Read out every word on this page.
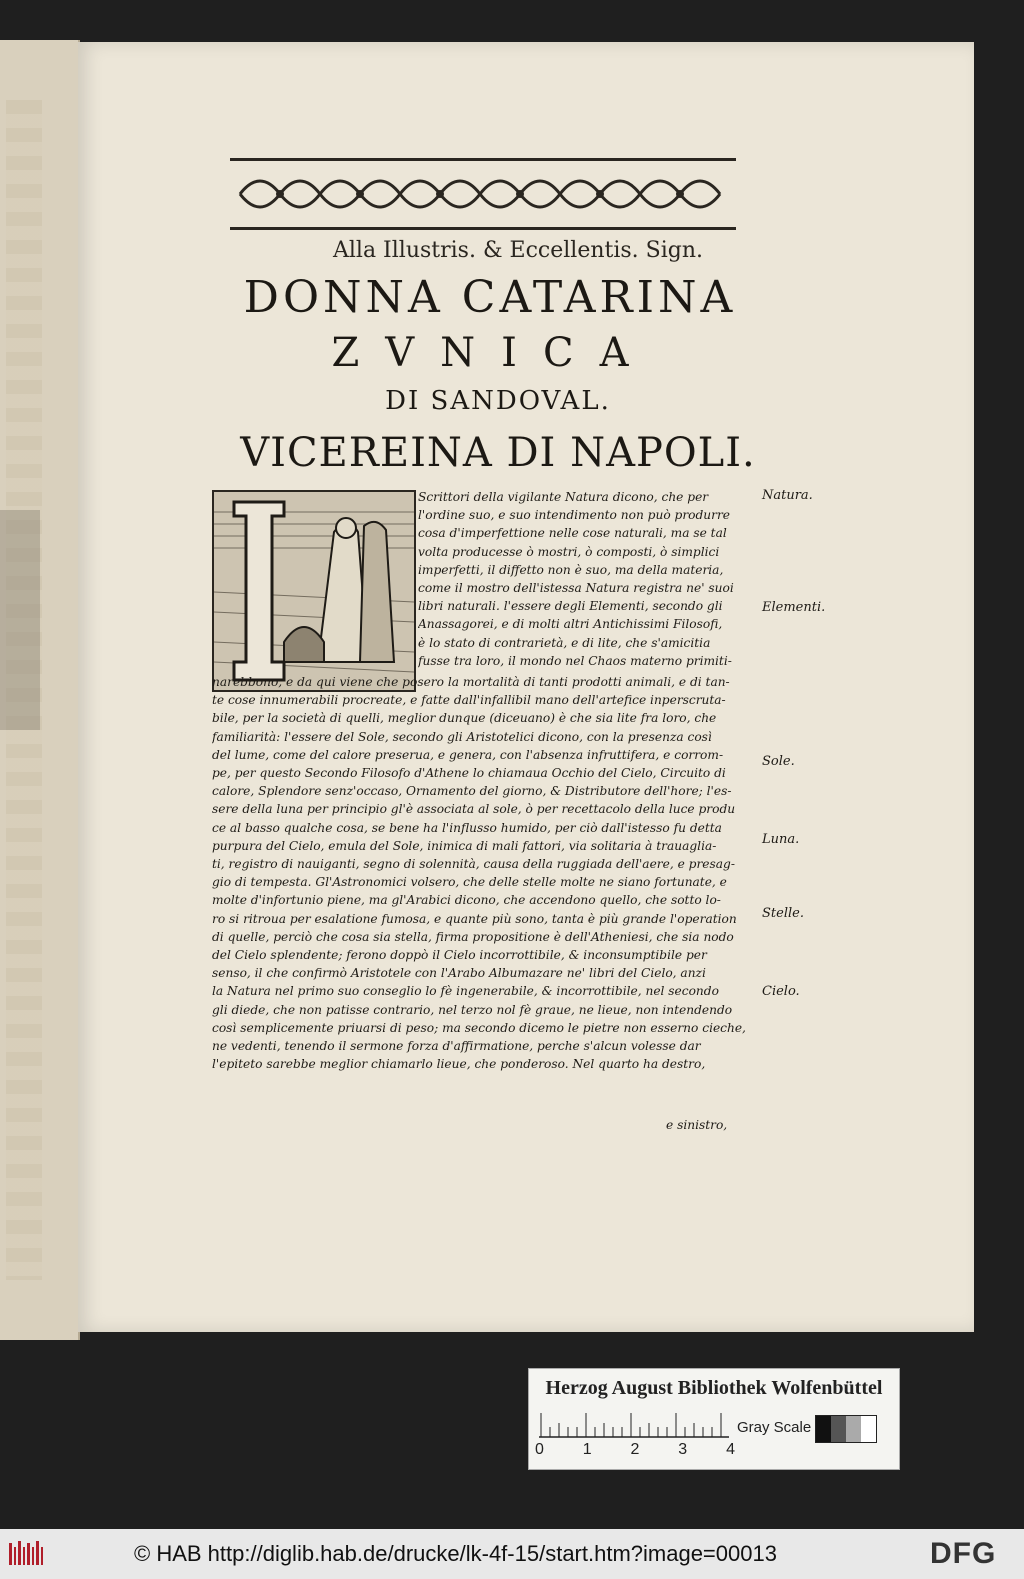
Alla Illustris. & Eccellentis. Sign.
DONNA CATARINA
ZVNICA
DI SANDOVAL.
VICEREINA DI NAPOLI.
Scrittori della vigilante Natura dicono, che per
l'ordine suo, e suo intendimento non può produrre
cosa d'imperfettione nelle cose naturali, ma se tal
volta producesse ò mostri, ò composti, ò simplici
imperfetti, il diffetto non è suo, ma della materia,
come il mostro dell'istessa Natura registra ne' suoi
libri naturali. l'essere degli Elementi, secondo gli
Anassagorei, e di molti altri Antichissimi Filosofi,
è lo stato di contrarietà, e di lite, che s'amicitia
fusse tra loro, il mondo nel Chaos materno primiti-
narebbono, e da qui viene che posero la mortalità di tanti prodotti animali, e di tan-
te cose innumerabili procreate, e fatte dall'infallibil mano dell'artefice inperscruta-
bile, per la società di quelli, meglior dunque (diceuano) è che sia lite fra loro, che
familiarità: l'essere del Sole, secondo gli Aristotelici dicono, con la presenza così
del lume, come del calore preserua, e genera, con l'absenza infruttifera, e corrom-
pe, per questo Secondo Filosofo d'Athene lo chiamaua Occhio del Cielo, Circuito di
calore, Splendore senz'occaso, Ornamento del giorno, & Distributore dell'hore; l'es-
sere della luna per principio gl'è associata al sole, ò per recettacolo della luce produ
ce al basso qualche cosa, se bene ha l'influsso humido, per ciò dall'istesso fu detta
purpura del Cielo, emula del Sole, inimica di mali fattori, via solitaria à trauaglia-
ti, registro di nauiganti, segno di solennità, causa della ruggiada dell'aere, e presag-
gio di tempesta. Gl'Astronomici volsero, che delle stelle molte ne siano fortunate, e
molte d'infortunio piene, ma gl'Arabici dicono, che accendono quello, che sotto lo-
ro si ritroua per esalatione fumosa, e quante più sono, tanta è più grande l'operation
di quelle, perciò che cosa sia stella, firma propositione è dell'Atheniesi, che sia nodo
del Cielo splendente; ferono doppò il Cielo incorrottibile, & inconsumptibile per
senso, il che confirmò Aristotele con l'Arabo Albumazare ne' libri del Cielo, anzi
la Natura nel primo suo conseglio lo fè ingenerabile, & incorrottibile, nel secondo
gli diede, che non patisse contrario, nel terzo nol fè graue, ne lieue, non intendendo
così semplicemente priuarsi di peso; ma secondo dicemo le pietre non esserno cieche,
ne vedenti, tenendo il sermone forza d'affirmatione, perche s'alcun volesse dar
l'epiteto sarebbe meglior chiamarlo lieue, che ponderoso. Nel quarto ha destro,
e sinistro,
Natura.
Elementi.
Sole.
Luna.
Stelle.
Cielo.
Herzog August Bibliothek Wolfenbüttel
0 1 2 3 4
Gray Scale
© HAB http://diglib.hab.de/drucke/lk-4f-15/start.htm?image=00013	DFG
